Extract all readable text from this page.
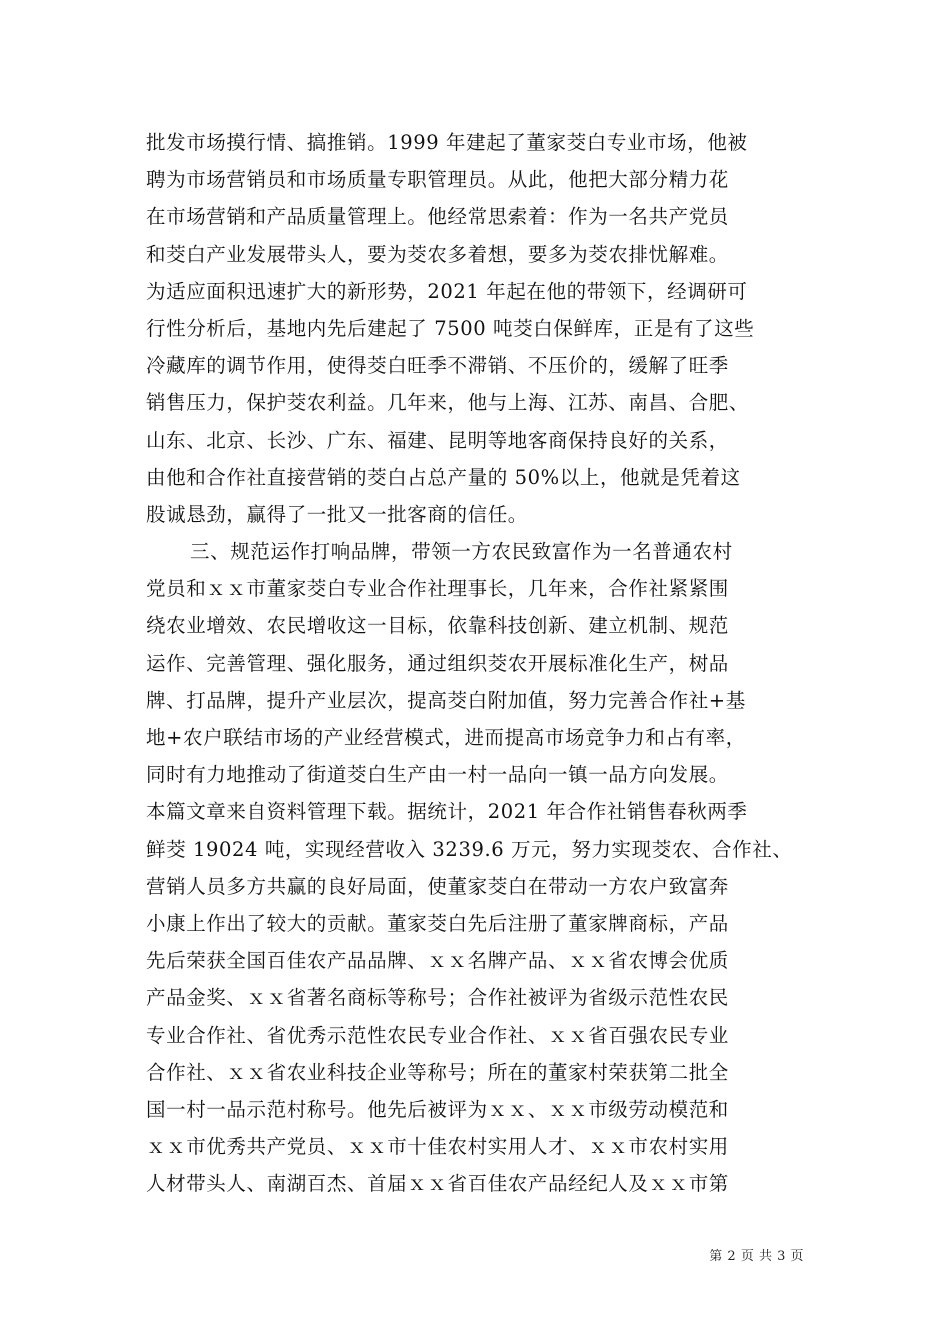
批发市场摸行情、搞推销。1999 年建起了董家茭白专业市场，他被
聘为市场营销员和市场质量专职管理员。从此，他把大部分精力花
在市场营销和产品质量管理上。他经常思索着：作为一名共产党员
和茭白产业发展带头人，要为茭农多着想，要多为茭农排忧解难。
为适应面积迅速扩大的新形势，2021 年起在他的带领下，经调研可
行性分析后，基地内先后建起了 7500 吨茭白保鲜库，正是有了这些
冷藏库的调节作用，使得茭白旺季不滞销、不压价的，缓解了旺季
销售压力，保护茭农利益。几年来，他与上海、江苏、南昌、合肥、
山东、北京、长沙、广东、福建、昆明等地客商保持良好的关系，
由他和合作社直接营销的茭白占总产量的 50%以上，他就是凭着这
股诚恳劲，赢得了一批又一批客商的信任。
三、规范运作打响品牌，带领一方农民致富作为一名普通农村
党员和ｘｘ市董家茭白专业合作社理事长，几年来，合作社紧紧围
绕农业增效、农民增收这一目标，依靠科技创新、建立机制、规范
运作、完善管理、强化服务，通过组织茭农开展标准化生产，树品
牌、打品牌，提升产业层次，提高茭白附加值，努力完善合作社+基
地+农户联结市场的产业经营模式，进而提高市场竞争力和占有率，
同时有力地推动了街道茭白生产由一村一品向一镇一品方向发展。
本篇文章来自资料管理下载。据统计，2021 年合作社销售春秋两季
鲜茭 19024 吨，实现经营收入 3239.6 万元，努力实现茭农、合作社、
营销人员多方共赢的良好局面，使董家茭白在带动一方农户致富奔
小康上作出了较大的贡献。董家茭白先后注册了董家牌商标，产品
先后荣获全国百佳农产品品牌、ｘｘ名牌产品、ｘｘ省农博会优质
产品金奖、ｘｘ省著名商标等称号；合作社被评为省级示范性农民
专业合作社、省优秀示范性农民专业合作社、ｘｘ省百强农民专业
合作社、ｘｘ省农业科技企业等称号；所在的董家村荣获第二批全
国一村一品示范村称号。他先后被评为ｘｘ、ｘｘ市级劳动模范和
ｘｘ市优秀共产党员、ｘｘ市十佳农村实用人才、ｘｘ市农村实用
人材带头人、南湖百杰、首届ｘｘ省百佳农产品经纪人及ｘｘ市第
第 2 页 共 3 页
